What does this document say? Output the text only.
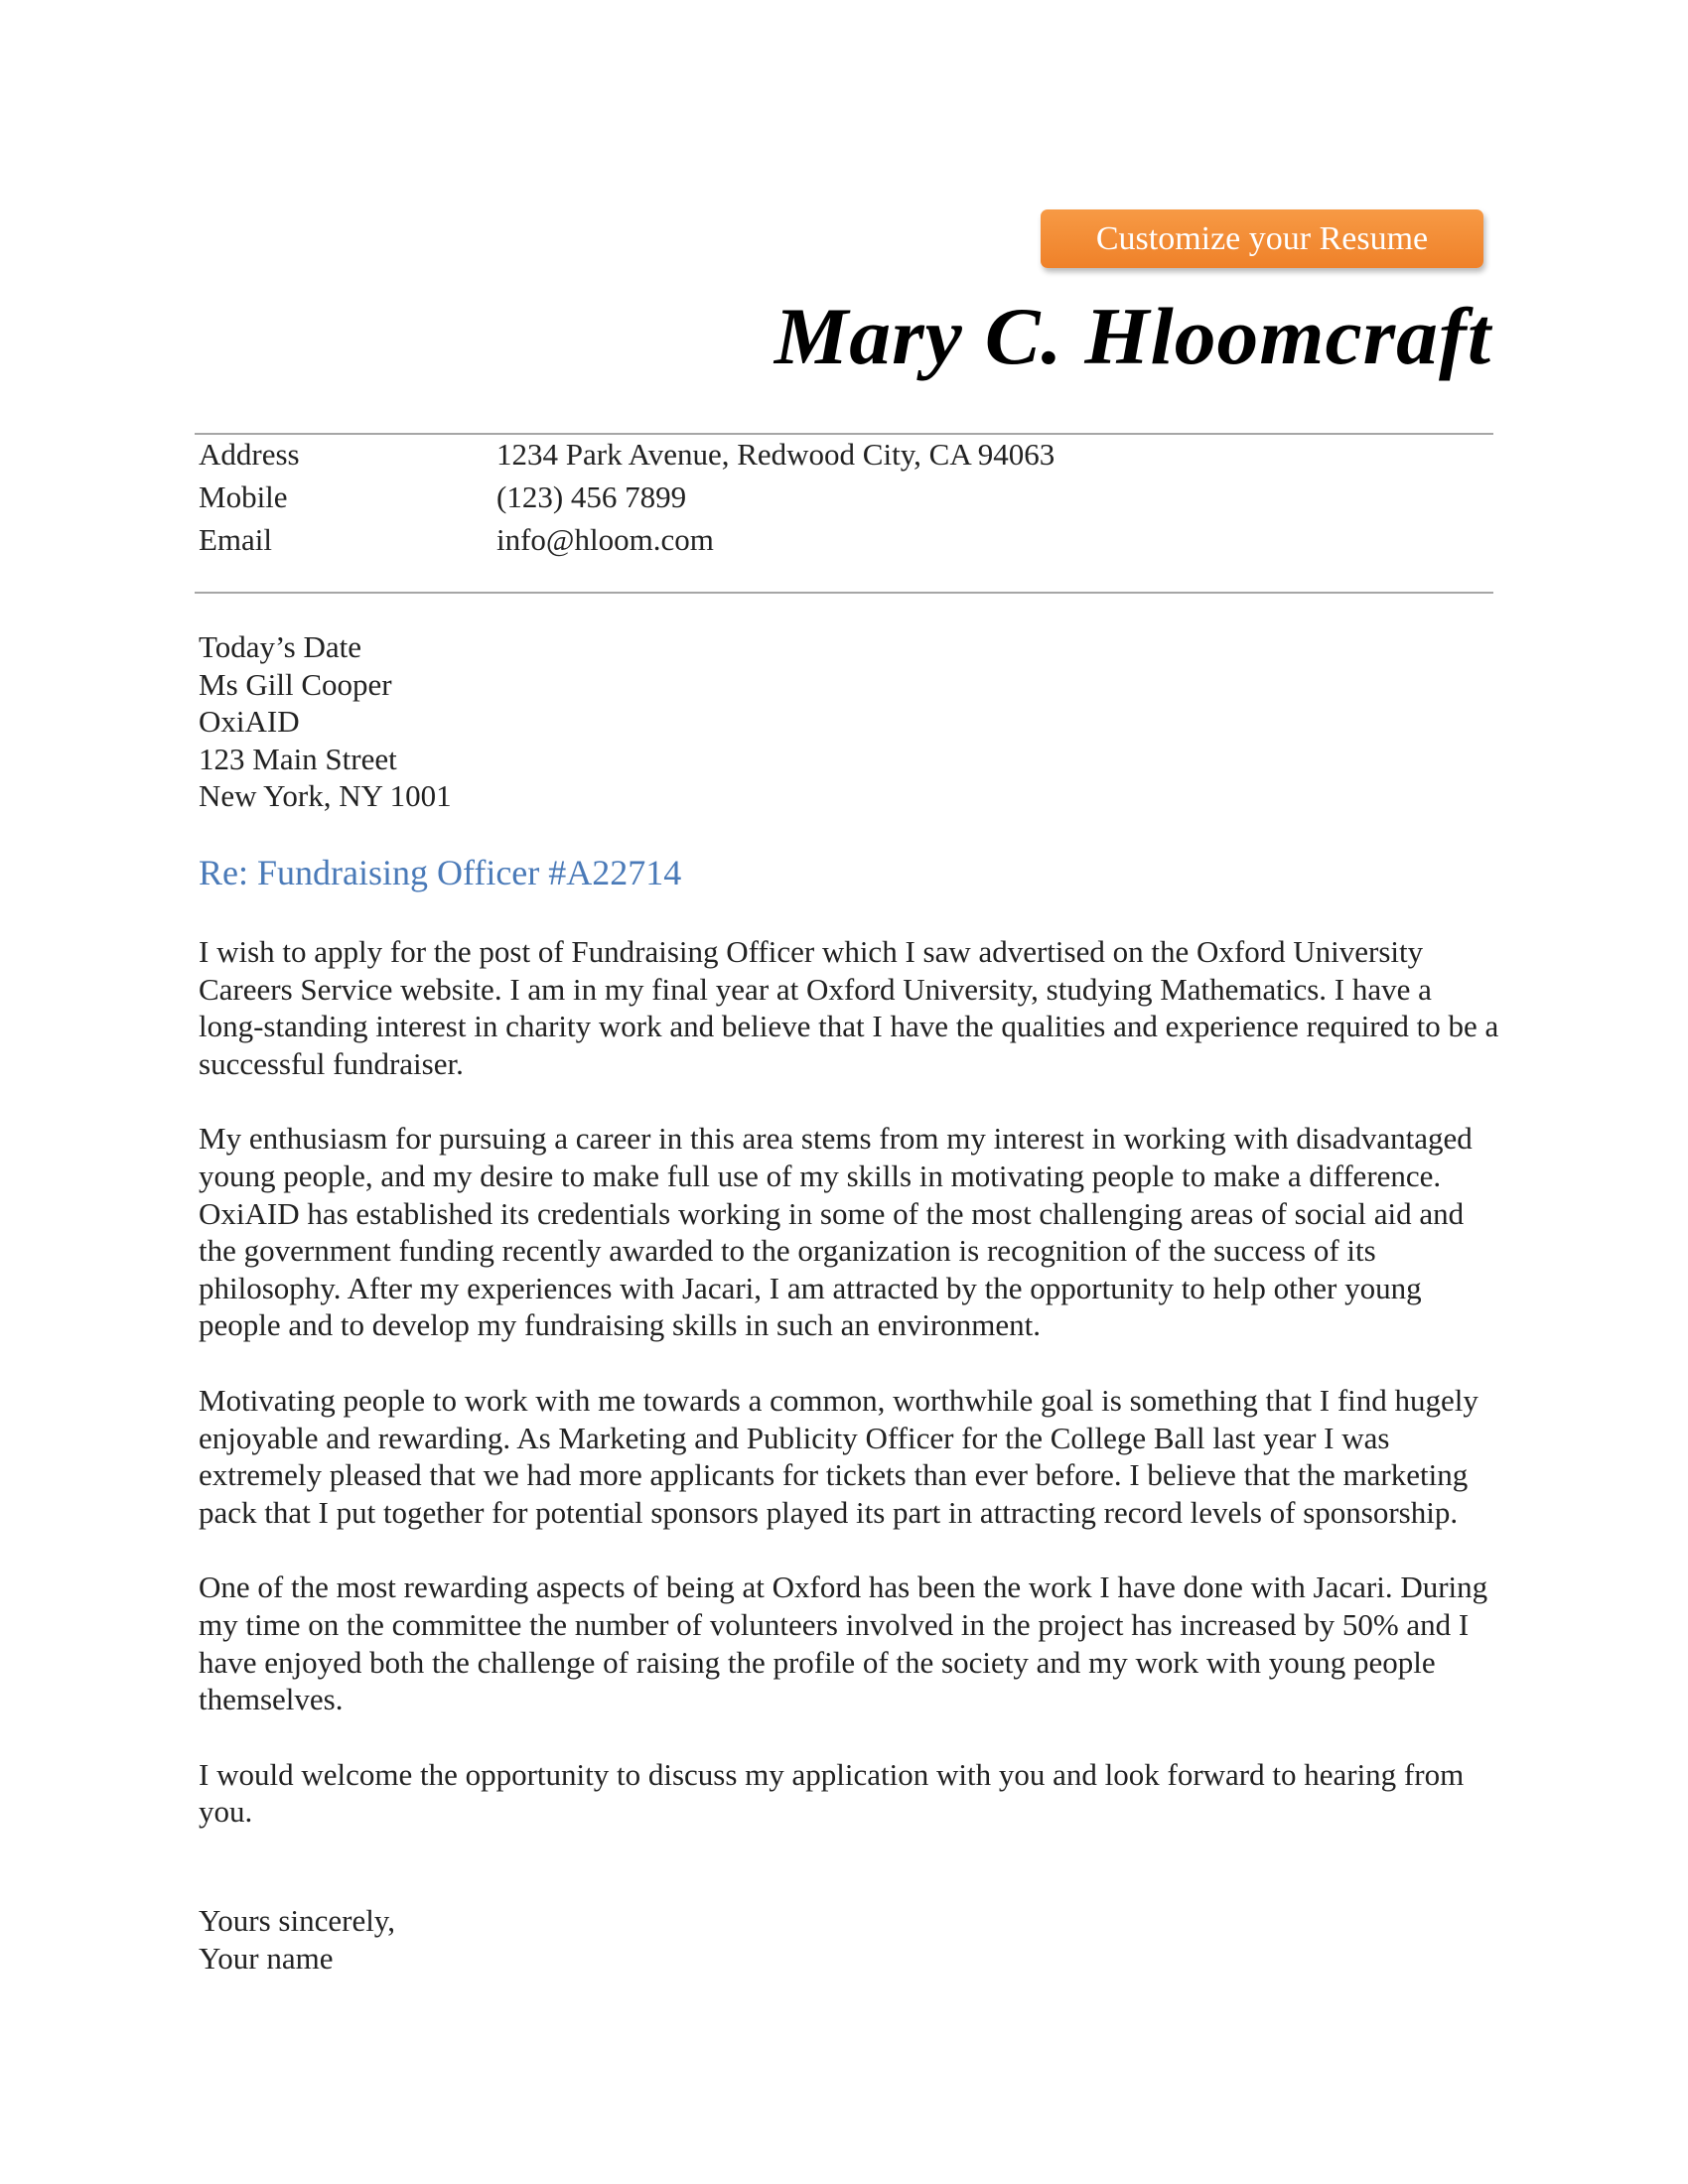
Customize your Resume
Mary C. Hloomcraft
Address	1234 Park Avenue, Redwood City, CA 94063
Mobile	(123) 456 7899
Email	info@hloom.com
Today’s Date
Ms Gill Cooper
OxiAID
123 Main Street
New York, NY 1001
Re: Fundraising Officer #A22714

I wish to apply for the post of Fundraising Officer which I saw advertised on the Oxford University Careers Service website. I am in my final year at Oxford University, studying Mathematics. I have a long-standing interest in charity work and believe that I have the qualities and experience required to be a successful fundraiser.

My enthusiasm for pursuing a career in this area stems from my interest in working with disadvantaged young people, and my desire to make full use of my skills in motivating people to make a difference. OxiAID has established its credentials working in some of the most challenging areas of social aid and the government funding recently awarded to the organization is recognition of the success of its philosophy. After my experiences with Jacari, I am attracted by the opportunity to help other young people and to develop my fundraising skills in such an environment.

Motivating people to work with me towards a common, worthwhile goal is something that I find hugely enjoyable and rewarding. As Marketing and Publicity Officer for the College Ball last year I was extremely pleased that we had more applicants for tickets than ever before. I believe that the marketing pack that I put together for potential sponsors played its part in attracting record levels of sponsorship.

One of the most rewarding aspects of being at Oxford has been the work I have done with Jacari. During my time on the committee the number of volunteers involved in the project has increased by 50% and I have enjoyed both the challenge of raising the profile of the society and my work with young people themselves.

I would welcome the opportunity to discuss my application with you and look forward to hearing from you.

Yours sincerely,
Your name
